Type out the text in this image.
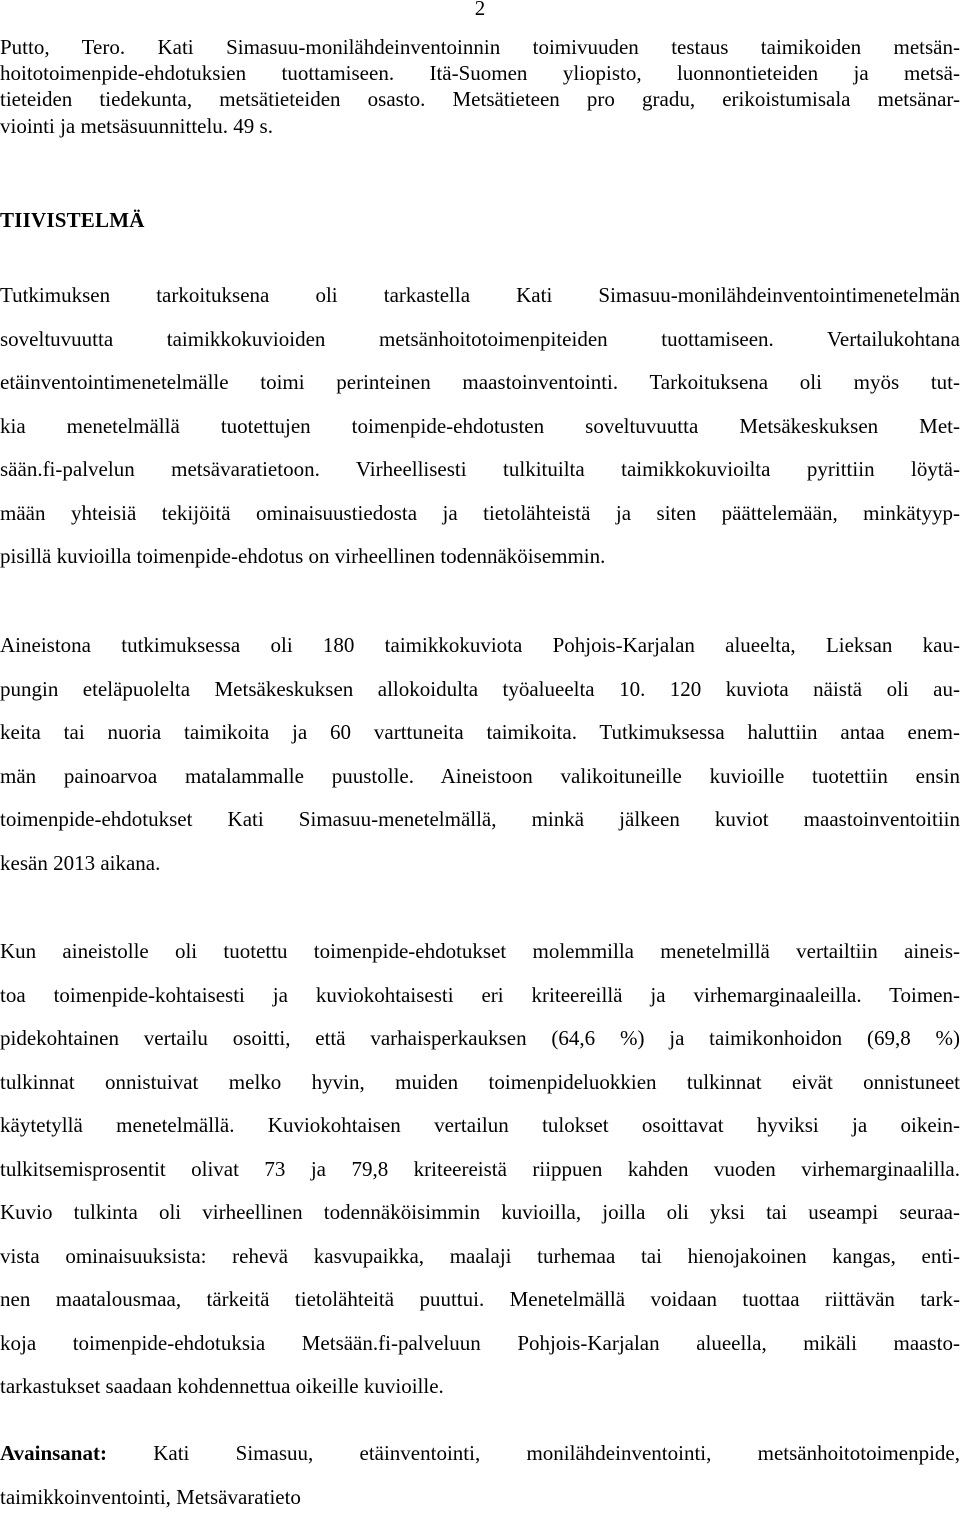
2
Putto, Tero. Kati Simasuu-monilähdeinventoinnin toimivuuden testaus taimikoiden metsän-
hoitotoimenpide-ehdotuksien tuottamiseen. Itä-Suomen yliopisto, luonnontieteiden ja metsä-
tieteiden tiedekunta, metsätieteiden osasto. Metsätieteen pro gradu, erikoistumisala metsänar-
viointi ja metsäsuunnittelu. 49 s.
TIIVISTELMÄ
Tutkimuksen tarkoituksena oli tarkastella Kati Simasuu-monilähdeinventointimenetelmän
soveltuvuutta taimikkokuvioiden metsänhoitotoimenpiteiden tuottamiseen. Vertailukohtana
etäinventointimenetelmälle toimi perinteinen maastoinventointi. Tarkoituksena oli myös tut-
kia menetelmällä tuotettujen toimenpide-ehdotusten soveltuvuutta Metsäkeskuksen Met-
sään.fi-palvelun metsävaratietoon. Virheellisesti tulkituilta taimikkokuvioilta pyrittiin löytä-
mään yhteisiä tekijöitä ominaisuustiedosta ja tietolähteistä ja siten päättelemään, minkätyyp-
pisillä kuvioilla toimenpide-ehdotus on virheellinen todennäköisemmin.
Aineistona tutkimuksessa oli 180 taimikkokuviota Pohjois-Karjalan alueelta, Lieksan kau-
pungin eteläpuolelta Metsäkeskuksen allokoidulta työalueelta 10. 120 kuviota näistä oli au-
keita tai nuoria taimikoita ja 60 varttuneita taimikoita. Tutkimuksessa haluttiin antaa enem-
män painoarvoa matalammalle puustolle. Aineistoon valikoituneille kuvioille tuotettiin ensin
toimenpide-ehdotukset Kati Simasuu-menetelmällä, minkä jälkeen kuviot maastoinventoitiin
kesän 2013 aikana.
Kun aineistolle oli tuotettu toimenpide-ehdotukset molemmilla menetelmillä vertailtiin aineis-
toa toimenpide-kohtaisesti ja kuviokohtaisesti eri kriteereillä ja virhemarginaaleilla. Toimen-
pidekohtainen vertailu osoitti, että varhaisperkauksen (64,6 %) ja taimikonhoidon (69,8 %)
tulkinnat onnistuivat melko hyvin, muiden toimenpideluokkien tulkinnat eivät onnistuneet
käytetyllä menetelmällä. Kuviokohtaisen vertailun tulokset osoittavat hyviksi ja oikein-
tulkitsemisprosentit olivat 73 ja 79,8 kriteereistä riippuen kahden vuoden virhemarginaalilla.
Kuvio tulkinta oli virheellinen todennäköisimmin kuvioilla, joilla oli yksi tai useampi seuraa-
vista ominaisuuksista: rehevä kasvupaikka, maalaji turhemaa tai hienojakoinen kangas, enti-
nen maatalousmaa, tärkeitä tietolähteitä puuttui. Menetelmällä voidaan tuottaa riittävän tark-
koja toimenpide-ehdotuksia Metsään.fi-palveluun Pohjois-Karjalan alueella, mikäli maasto-
tarkastukset saadaan kohdennettua oikeille kuvioille.
Avainsanat: Kati Simasuu, etäinventointi, monilähdeinventointi, metsänhoitotoimenpide,
taimikkoinventointi, Metsävaratieto
